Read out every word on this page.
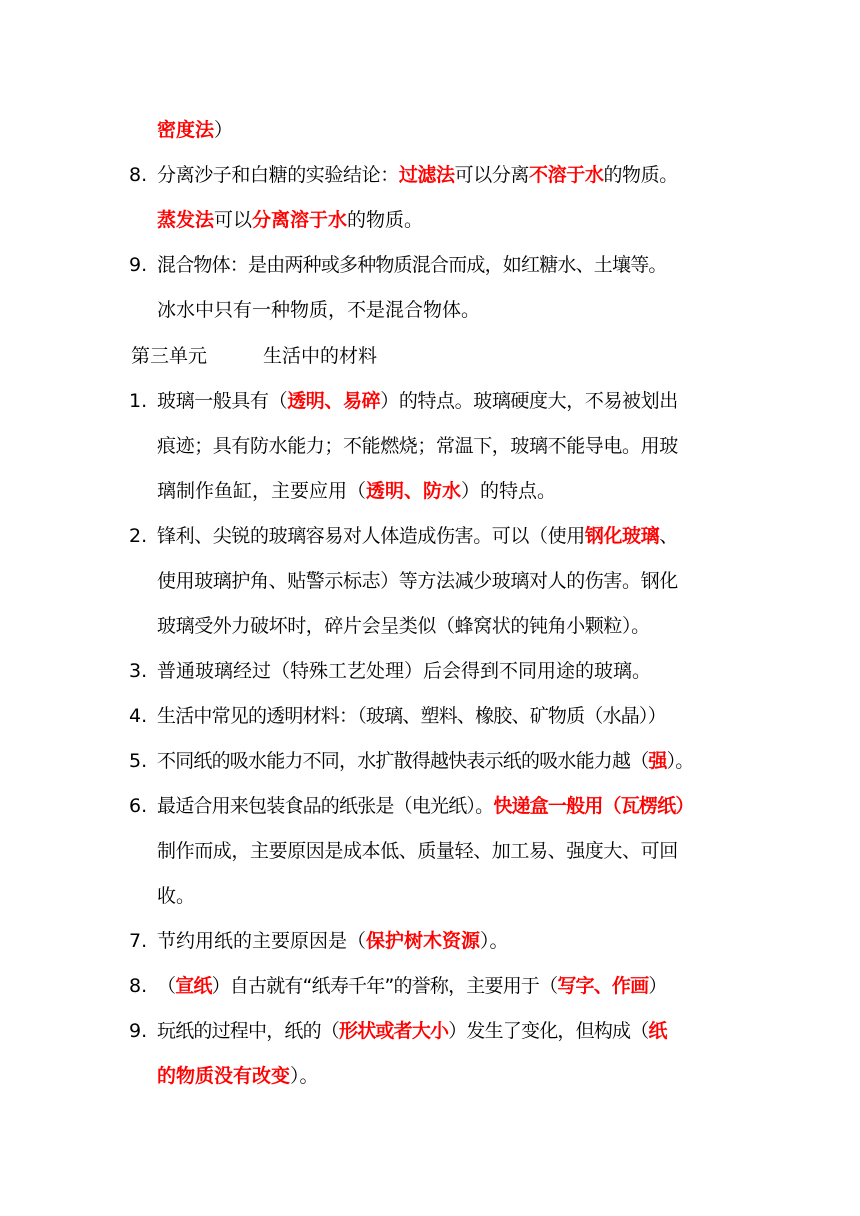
密度法）
8. 分离沙子和白糖的实验结论：过滤法可以分离不溶于水的物质。
蒸发法可以分离溶于水的物质。
9. 混合物体：是由两种或多种物质混合而成，如红糖水、土壤等。
冰水中只有一种物质，不是混合物体。
第三单元	生活中的材料
1. 玻璃一般具有（透明、易碎）的特点。玻璃硬度大，不易被划出
痕迹；具有防水能力；不能燃烧；常温下，玻璃不能导电。用玻
璃制作鱼缸，主要应用（透明、防水）的特点。
2. 锋利、尖锐的玻璃容易对人体造成伤害。可以（使用钢化玻璃、
使用玻璃护角、贴警示标志）等方法减少玻璃对人的伤害。钢化
玻璃受外力破坏时，碎片会呈类似（蜂窝状的钝角小颗粒）。
3. 普通玻璃经过（特殊工艺处理）后会得到不同用途的玻璃。
4. 生活中常见的透明材料：（玻璃、塑料、橡胶、矿物质（水晶））
5. 不同纸的吸水能力不同，水扩散得越快表示纸的吸水能力越（强）。
6. 最适合用来包装食品的纸张是（电光纸）。快递盒一般用（瓦楞纸）
制作而成，主要原因是成本低、质量轻、加工易、强度大、可回
收。
7. 节约用纸的主要原因是（保护树木资源）。
8. （宣纸）自古就有“纸寿千年”的誉称，主要用于（写字、作画）
9. 玩纸的过程中，纸的（形状或者大小）发生了变化，但构成（纸
的物质没有改变）。
